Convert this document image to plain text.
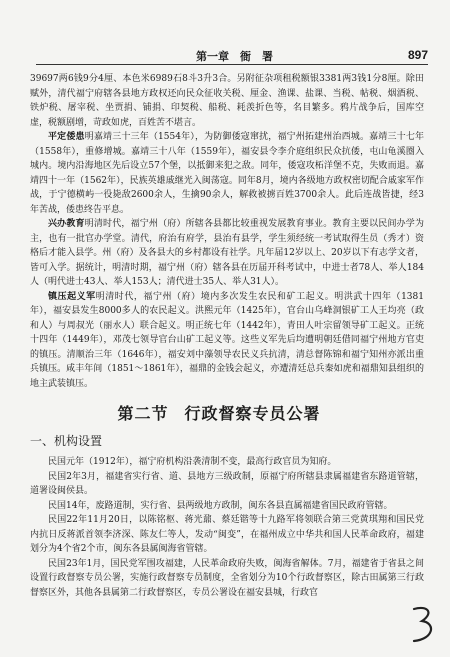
第一章　衙　署	897

39697两6钱9分4厘、本色米6989石8斗3升3合。另附征杂项租税额银3381两3钱1分8厘。除田赋外，清代福宁府辖各县地方政权还向民众征收关税、厘金、渔课、盐课、当税、帖税、烟酒税、铁炉税、屠宰税、坐贾捐、铺捐、印契税、船税、耗羡折色等，名目繁多。鸦片战争后，国库空虚，税额剧增，苛政如虎，百姓苦不堪言。

平定倭患明嘉靖三十三年（1554年），为防御倭寇窜扰，福宁州拓建州治西城。嘉靖三十七年（1558年），重修增城。嘉靖三十八年（1559年），福安县令李介庭组织民众抗倭，屯山龟溪圈入城内。境内沿海地区先后设立57个堡，以抵御来犯之敌。同年，倭寇攻柘洋堡不克，失败而退。嘉靖四十一年（1562年），民族英雄戚继光入闽荡寇。同年8月，境内各级地方政权密切配合戚家军作战，于宁德横屿一役毙敌2600余人，生擒90余人，解救被掳百姓3700余人。此后连战皆捷，经3年苦战，倭患终告平息。

兴办教育明清时代，福宁州（府）所辖各县都比较重视发展教育事业。教育主要以民间办学为主，也有一批官办学堂。清代，府治有府学，县治有县学，学生须经统一考试取得生员（秀才）资格后才能入县学。州（府）及各县大的乡村都设有社学。凡年届12岁以上、20岁以下有志学文者，皆可入学。据统计，明清时期，福宁州（府）辖各县在历届开科考试中，中进士者78人、举人184人（明代进士43人、举人153人；清代进士35人、举人31人）。

镇压起义军明清时代，福宁州（府）境内多次发生农民和矿工起义。明洪武十四年（1381年），福安县发生8000多人的农民起义。洪熙元年（1425年），官台山乌峰洞银矿工人王均亮（政和人）与周叔光（丽水人）联合起义。明正统七年（1442年），青田人叶宗留领导矿工起义。正统十四年（1449年），邓茂七领导官台山矿工起义等。这些义军先后均遭明朝廷借同福宁州地方官吏的镇压。清顺治三年（1646年），福安刘中藻领导农民义兵抗清，清总督陈锦和福宁知州亦派出重兵镇压。咸丰年间（1851～1861年），福鼎的金钱会起义，亦遭清廷总兵秦如虎和福鼎知县组织的地主武装镇压。

第二节 行政督察专员公署
一、机构设置

民国元年（1912年），福宁府机构沿袭清制不变，最高行政官员为知府。

民国2年3月，福建省实行省、道、县地方三级政制，原福宁府所辖县隶属福建省东路道管辖，道署设闽侯县。

民国14年，废路道制，实行省、县两级地方政制，闽东各县直属福建省国民政府管辖。

民国22年11月20日，以陈铭枢、蒋光鼐、蔡廷锴等十九路军将领联合第三党黄琪翔和国民党内抗日反蒋派首领李济深、陈友仁等人，发动“闽变”，在福州成立中华共和国人民革命政府，福建划分为4个省2个市，闽东各县属闽海省管辖。

民国23年1月，国民党军围攻福建，人民革命政府失败，闽海省解体。7月，福建省于省县之间设置行政督察专员公署，实施行政督察专员制度，全省划分为10个行政督察区，除古田属第三行政督察区外，其他各县属第二行政督察区，专员公署设在福安县城，行政官
